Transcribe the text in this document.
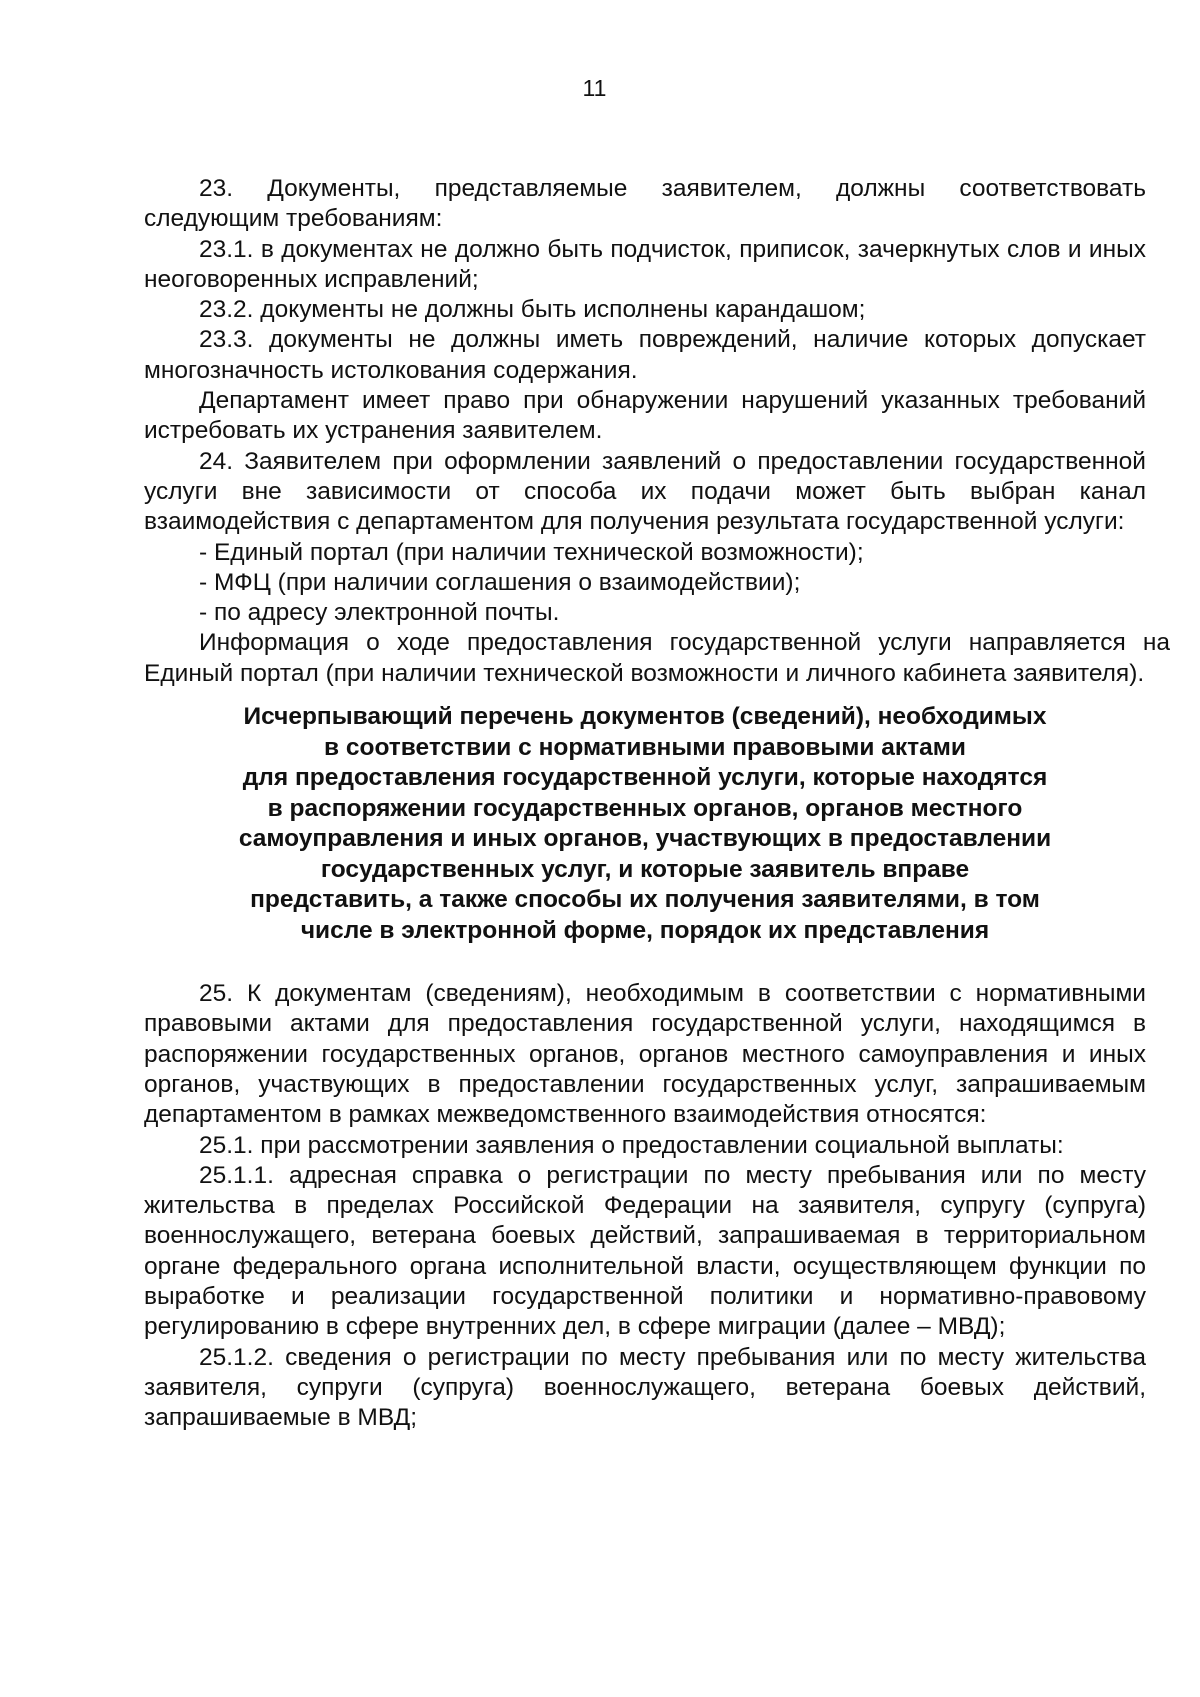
11

23. Документы, представляемые заявителем, должны соответствовать следующим требованиям:

23.1. в документах не должно быть подчисток, приписок, зачеркнутых слов и иных неоговоренных исправлений;

23.2. документы не должны быть исполнены карандашом;

23.3. документы не должны иметь повреждений, наличие которых допускает многозначность истолкования содержания.

Департамент имеет право при обнаружении нарушений указанных требований истребовать их устранения заявителем.

24. Заявителем при оформлении заявлений о предоставлении государственной услуги вне зависимости от способа их подачи может быть выбран канал взаимодействия с департаментом для получения результата государственной услуги:

- Единый портал (при наличии технической возможности);

- МФЦ (при наличии соглашения о взаимодействии);

- по адресу электронной почты.

Информация о ходе предоставления государственной услуги направляется на Единый портал (при наличии технической возможности и личного кабинета заявителя).

Исчерпывающий перечень документов (сведений), необходимых
в соответствии с нормативными правовыми актами
для предоставления государственной услуги, которые находятся
в распоряжении государственных органов, органов местного
самоуправления и иных органов, участвующих в предоставлении
государственных услуг, и которые заявитель вправе
представить, а также способы их получения заявителями, в том
числе в электронной форме, порядок их представления

25. К документам (сведениям), необходимым в соответствии с нормативными правовыми актами для предоставления государственной услуги, находящимся в распоряжении государственных органов, органов местного самоуправления и иных органов, участвующих в предоставлении государственных услуг, запрашиваемым департаментом в рамках межведомственного взаимодействия относятся:

25.1. при рассмотрении заявления о предоставлении социальной выплаты:

25.1.1. адресная справка о регистрации по месту пребывания или по месту жительства в пределах Российской Федерации на заявителя, супругу (супруга) военнослужащего, ветерана боевых действий, запрашиваемая в территориальном органе федерального органа исполнительной власти, осуществляющем функции по выработке и реализации государственной политики и нормативно-правовому регулированию в сфере внутренних дел, в сфере миграции (далее – МВД);

25.1.2. сведения о регистрации по месту пребывания или по месту жительства заявителя, супруги (супруга) военнослужащего, ветерана боевых действий, запрашиваемые в МВД;
